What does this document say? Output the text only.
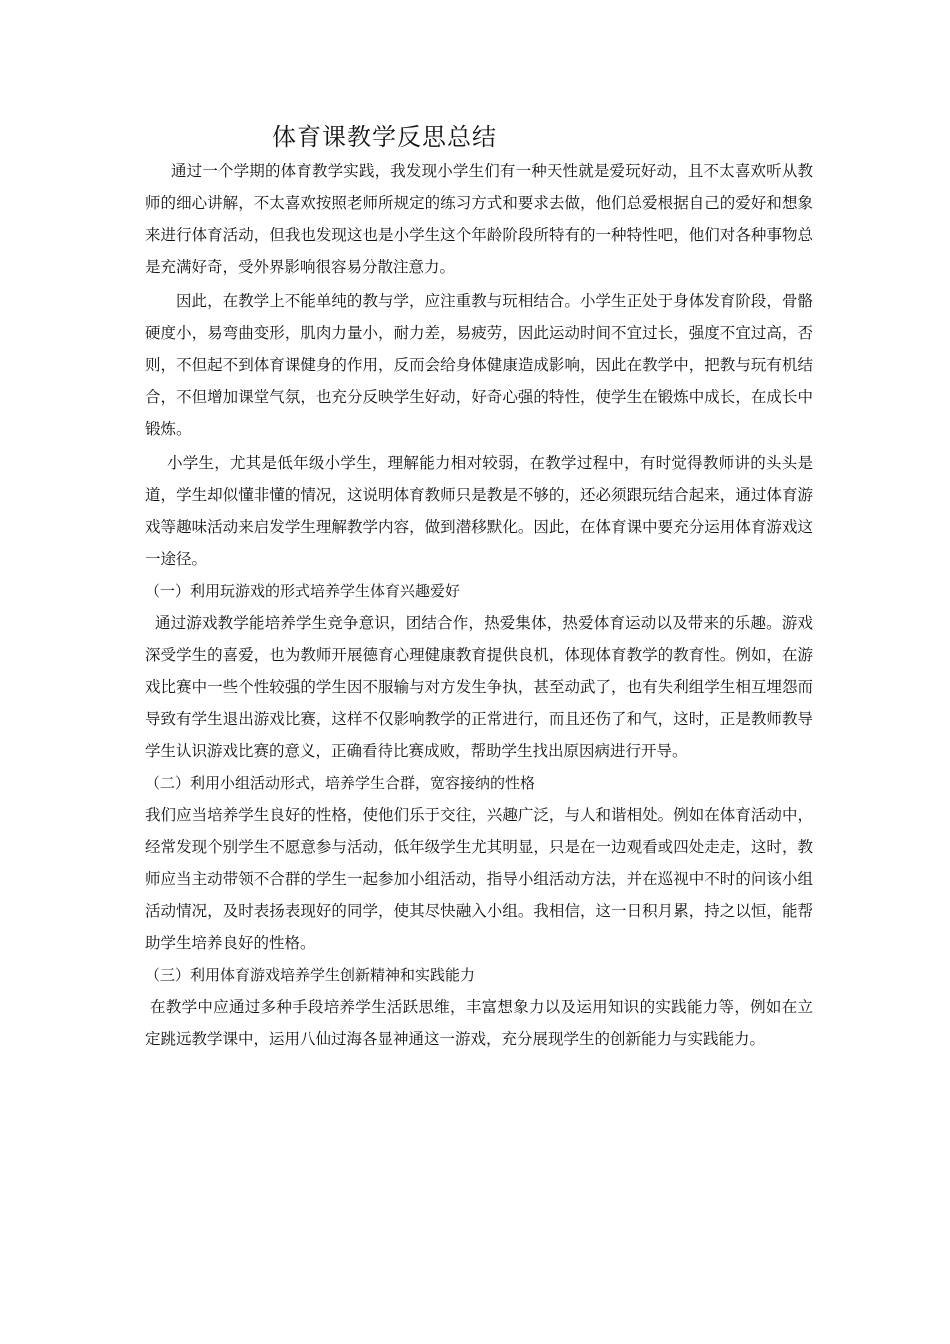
体育课教学反思总结

通过一个学期的体育教学实践，我发现小学生们有一种天性就是爱玩好动，且不太喜欢听从教师的细心讲解，不太喜欢按照老师所规定的练习方式和要求去做，他们总爱根据自己的爱好和想象来进行体育活动，但我也发现这也是小学生这个年龄阶段所特有的一种特性吧，他们对各种事物总是充满好奇，受外界影响很容易分散注意力。

因此，在教学上不能单纯的教与学，应注重教与玩相结合。小学生正处于身体发育阶段，骨骼硬度小，易弯曲变形，肌肉力量小，耐力差，易疲劳，因此运动时间不宜过长，强度不宜过高，否则，不但起不到体育课健身的作用，反而会给身体健康造成影响，因此在教学中，把教与玩有机结合，不但增加课堂气氛，也充分反映学生好动，好奇心强的特性，使学生在锻炼中成长，在成长中锻炼。

小学生，尤其是低年级小学生，理解能力相对较弱，在教学过程中，有时觉得教师讲的头头是道，学生却似懂非懂的情况，这说明体育教师只是教是不够的，还必须跟玩结合起来，通过体育游戏等趣味活动来启发学生理解教学内容，做到潜移默化。因此，在体育课中要充分运用体育游戏这一途径。

（一）利用玩游戏的形式培养学生体育兴趣爱好

通过游戏教学能培养学生竞争意识，团结合作，热爱集体，热爱体育运动以及带来的乐趣。游戏深受学生的喜爱，也为教师开展德育心理健康教育提供良机，体现体育教学的教育性。例如，在游戏比赛中一些个性较强的学生因不服输与对方发生争执，甚至动武了，也有失利组学生相互埋怨而导致有学生退出游戏比赛，这样不仅影响教学的正常进行，而且还伤了和气，这时，正是教师教导学生认识游戏比赛的意义，正确看待比赛成败，帮助学生找出原因病进行开导。

（二）利用小组活动形式，培养学生合群，宽容接纳的性格

我们应当培养学生良好的性格，使他们乐于交往，兴趣广泛，与人和谐相处。例如在体育活动中，经常发现个别学生不愿意参与活动，低年级学生尤其明显，只是在一边观看或四处走走，这时，教师应当主动带领不合群的学生一起参加小组活动，指导小组活动方法，并在巡视中不时的问该小组活动情况，及时表扬表现好的同学，使其尽快融入小组。我相信，这一日积月累，持之以恒，能帮助学生培养良好的性格。

（三）利用体育游戏培养学生创新精神和实践能力

在教学中应通过多种手段培养学生活跃思维，丰富想象力以及运用知识的实践能力等，例如在立定跳远教学课中，运用八仙过海各显神通这一游戏，充分展现学生的创新能力与实践能力。
